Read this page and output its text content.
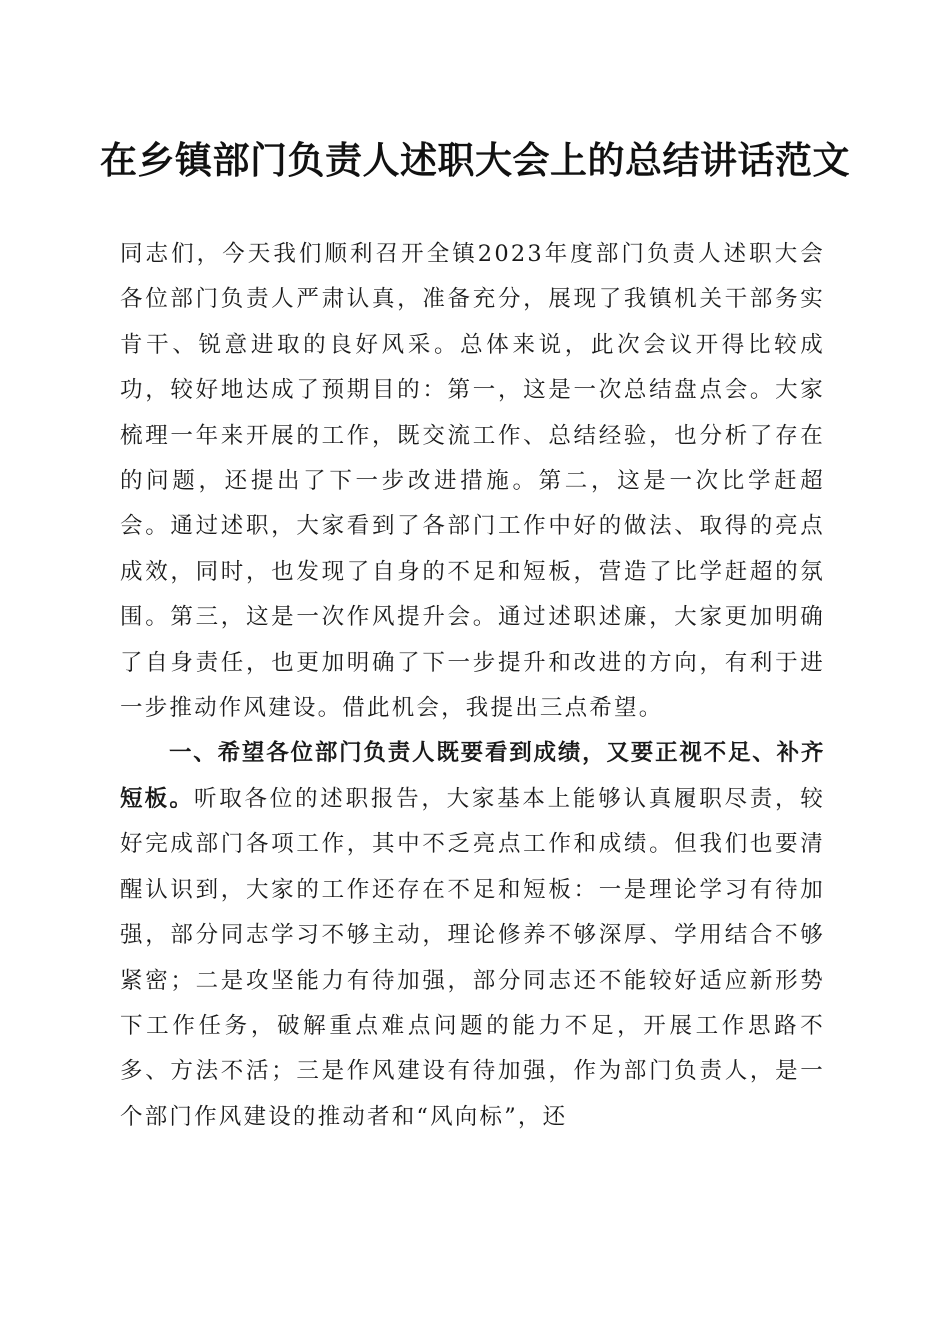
在乡镇部门负责人述职大会上的总结讲话范文

同志们，今天我们顺利召开全镇2023年度部门负责人述职大会各位部门负责人严肃认真，准备充分，展现了我镇机关干部务实肯干、锐意进取的良好风采。总体来说，此次会议开得比较成功，较好地达成了预期目的：第一，这是一次总结盘点会。大家梳理一年来开展的工作，既交流工作、总结经验，也分析了存在的问题，还提出了下一步改进措施。第二，这是一次比学赶超会。通过述职，大家看到了各部门工作中好的做法、取得的亮点成效，同时，也发现了自身的不足和短板，营造了比学赶超的氛围。第三，这是一次作风提升会。通过述职述廉，大家更加明确了自身责任，也更加明确了下一步提升和改进的方向，有利于进一步推动作风建设。借此机会，我提出三点希望。

一、希望各位部门负责人既要看到成绩，又要正视不足、补齐短板。听取各位的述职报告，大家基本上能够认真履职尽责，较好完成部门各项工作，其中不乏亮点工作和成绩。但我们也要清醒认识到，大家的工作还存在不足和短板：一是理论学习有待加强，部分同志学习不够主动，理论修养不够深厚、学用结合不够紧密；二是攻坚能力有待加强，部分同志还不能较好适应新形势下工作任务，破解重点难点问题的能力不足，开展工作思路不多、方法不活；三是作风建设有待加强，作为部门负责人，是一个部门作风建设的推动者和“风向标”，还
